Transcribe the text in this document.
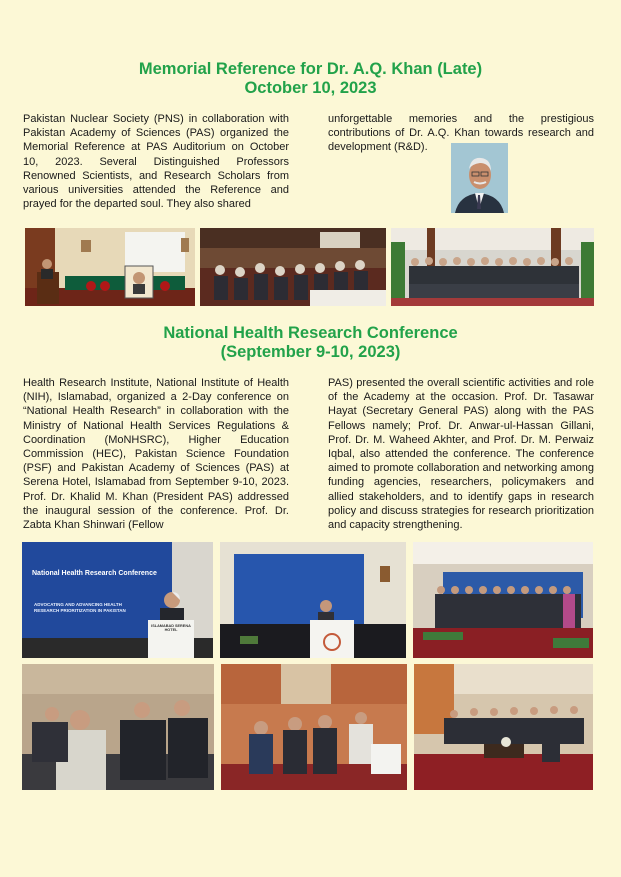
Memorial Reference for Dr. A.Q. Khan (Late)
October 10, 2023
Pakistan Nuclear Society (PNS) in collaboration with Pakistan Academy of Sciences (PAS) organized the Memorial Reference at PAS Auditorium on October 10, 2023. Several Distinguished Professors Renowned Scientists, and Research Scholars from various universities attended the Reference and prayed for the departed soul. They also shared
unforgettable memories and the prestigious contributions of Dr. A.Q. Khan towards research and development (R&D).
National Health Research Conference
(September 9-10, 2023)
Health Research Institute, National Institute of Health (NIH), Islamabad, organized a 2-Day conference on “National Health Research” in collaboration with the Ministry of National Health Services Regulations & Coordination (MoNHSRC), Higher Education Commission (HEC), Pakistan Science Foundation (PSF) and Pakistan Academy of Sciences (PAS) at Serena Hotel, Islamabad from September 9-10, 2023. Prof. Dr. Khalid M. Khan (President PAS) addressed the inaugural session of the conference. Prof. Dr. Zabta Khan Shinwari (Fellow
PAS) presented the overall scientific activities and role of the Academy at the occasion. Prof. Dr. Tasawar Hayat (Secretary General PAS) along with the PAS Fellows namely; Prof. Dr. Anwar-ul-Hassan Gillani, Prof. Dr. M. Waheed Akhter, and Prof. Dr. M. Perwaiz Iqbal, also attended the conference. The conference aimed to promote collaboration and networking among funding agencies, researchers, policymakers and allied stakeholders, and to identify gaps in research policy and discuss strategies for research prioritization and capacity strengthening.
National Health Research Conference
ADVOCATING AND ADVANCING HEALTH RESEARCH PRIORITIZATION IN PAKISTAN
ISLAMABAD SERENA HOTEL
